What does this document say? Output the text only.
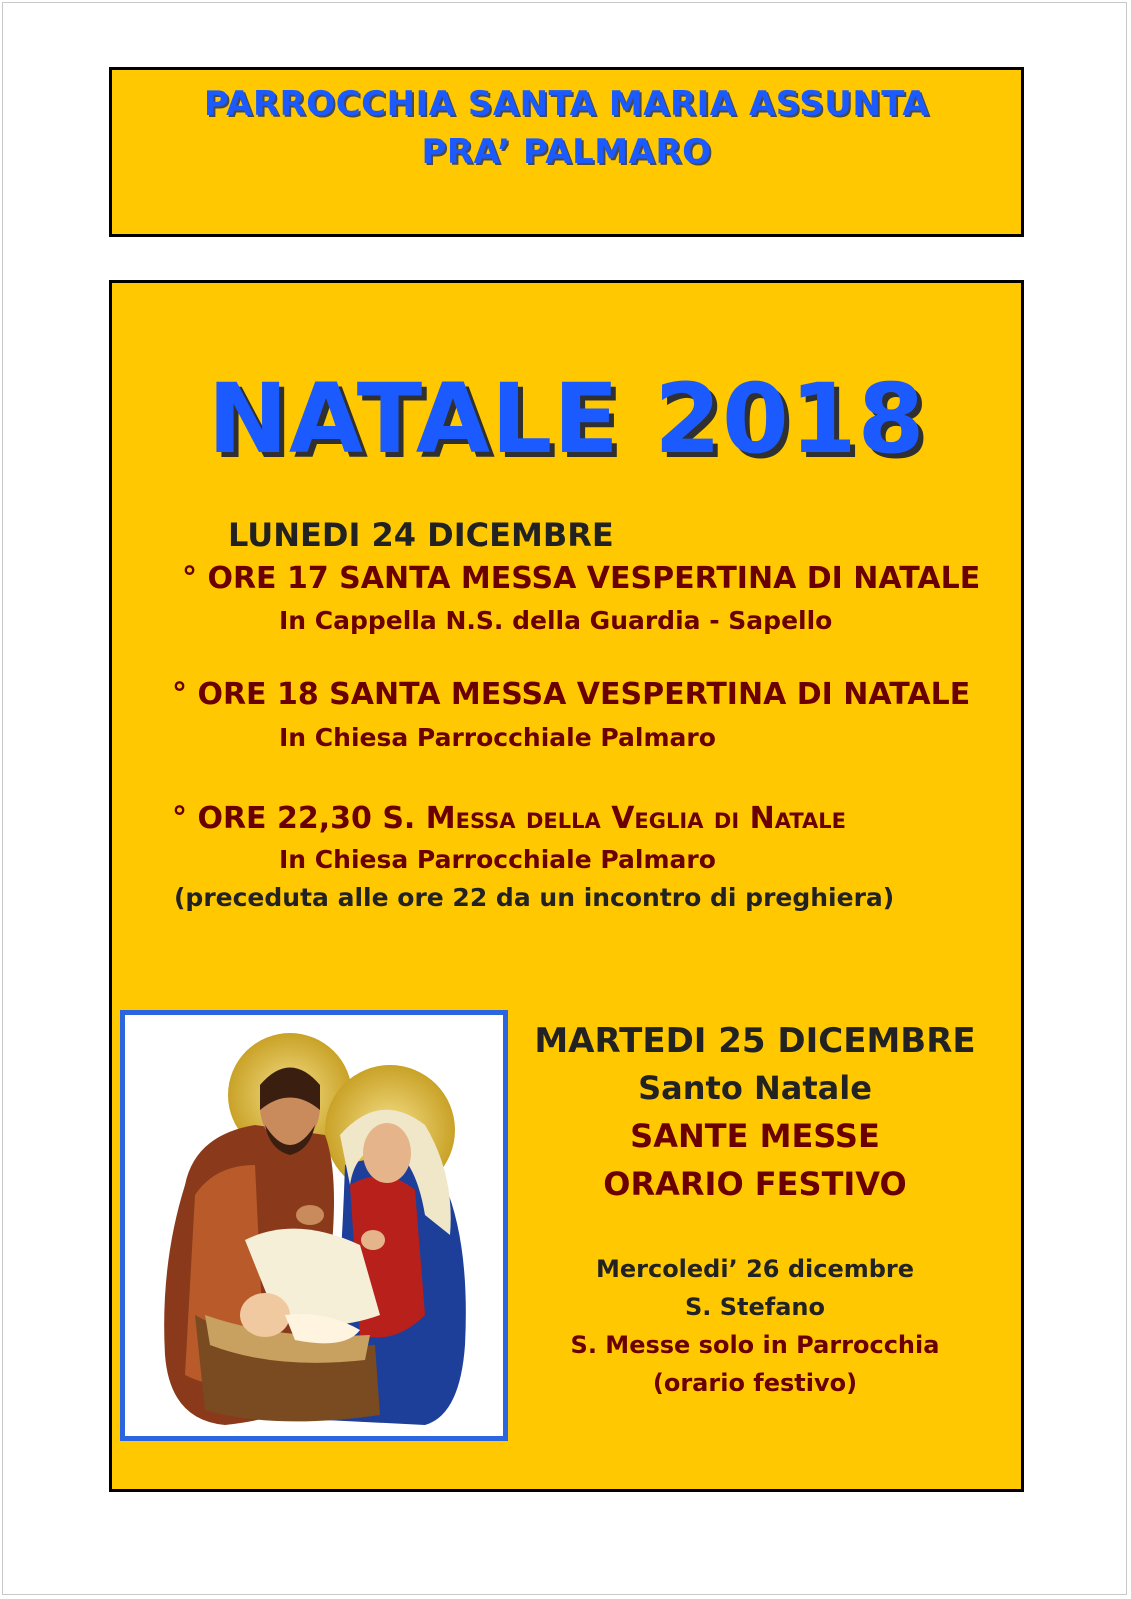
PARROCCHIA SANTA MARIA ASSUNTA
PRA’ PALMARO
NATALE 2018
LUNEDI 24 DICEMBRE
° ORE 17 SANTA MESSA VESPERTINA DI NATALE
In Cappella N.S. della Guardia - Sapello
° ORE 18 SANTA MESSA VESPERTINA DI NATALE
In Chiesa Parrocchiale Palmaro
° ORE 22,30 S. Messa della Veglia di Natale
In Chiesa Parrocchiale Palmaro
(preceduta alle ore 22 da un incontro di preghiera)
MARTEDI 25 DICEMBRE
Santo Natale
SANTE MESSE
ORARIO FESTIVO
Mercoledi’ 26 dicembre
S. Stefano
S. Messe solo in Parrocchia
(orario festivo)
